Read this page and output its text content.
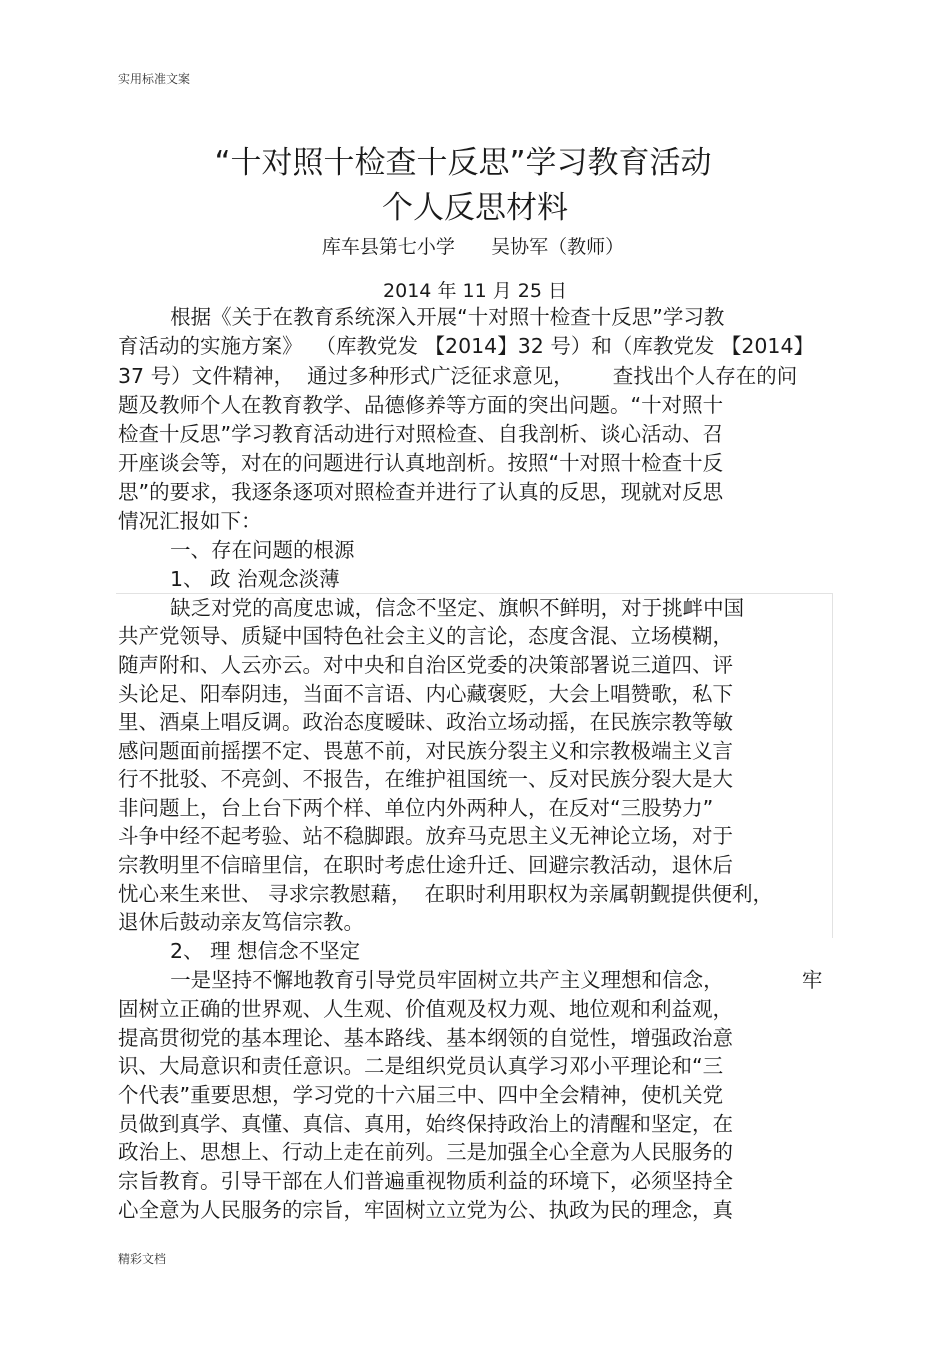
实用标准文案
“十对照十检查十反思”学习教育活动
个人反思材料
库车县第七小学      吴协军（教师）
2014 年 11 月 25 日
根据《关于在教育系统深入开展“十对照十检查十反思”学习教
育活动的实施方案》  （库教党发 【2014】32 号）和（库教党发 【2014】
37 号）文件精神，  通过多种形式广泛征求意见，      查找出个人存在的问
题及教师个人在教育教学、品德修养等方面的突出问题。“十对照十
检查十反思”学习教育活动进行对照检查、自我剖析、谈心活动、召
开座谈会等，对在的问题进行认真地剖析。按照“十对照十检查十反
思”的要求，我逐条逐项对照检查并进行了认真的反思，现就对反思
情况汇报如下：
一、存在问题的根源
1、 政 治观念淡薄
缺乏对党的高度忠诚，信念不坚定、旗帜不鲜明，对于挑衅中国
共产党领导、质疑中国特色社会主义的言论，态度含混、立场模糊，
随声附和、人云亦云。对中央和自治区党委的决策部署说三道四、评
头论足、阳奉阴违，当面不言语、内心藏褒贬，大会上唱赞歌，私下
里、酒桌上唱反调。政治态度暧昧、政治立场动摇，在民族宗教等敏
感问题面前摇摆不定、畏葸不前，对民族分裂主义和宗教极端主义言
行不批驳、不亮剑、不报告，在维护祖国统一、反对民族分裂大是大
非问题上，台上台下两个样、单位内外两种人，在反对“三股势力”
斗争中经不起考验、站不稳脚跟。放弃马克思主义无神论立场，对于
宗教明里不信暗里信，在职时考虑仕途升迁、回避宗教活动，退休后
忧心来生来世、 寻求宗教慰藉，  在职时利用职权为亲属朝觐提供便利，
退休后鼓动亲友笃信宗教。
2、 理 想信念不坚定
一是坚持不懈地教育引导党员牢固树立共产主义理想和信念，            牢
固树立正确的世界观、人生观、价值观及权力观、地位观和利益观，
提高贯彻党的基本理论、基本路线、基本纲领的自觉性，增强政治意
识、大局意识和责任意识。二是组织党员认真学习邓小平理论和“三
个代表”重要思想，学习党的十六届三中、四中全会精神，使机关党
员做到真学、真懂、真信、真用，始终保持政治上的清醒和坚定，在
政治上、思想上、行动上走在前列。三是加强全心全意为人民服务的
宗旨教育。引导干部在人们普遍重视物质利益的环境下，必须坚持全
心全意为人民服务的宗旨，牢固树立立党为公、执政为民的理念，真
精彩文档
